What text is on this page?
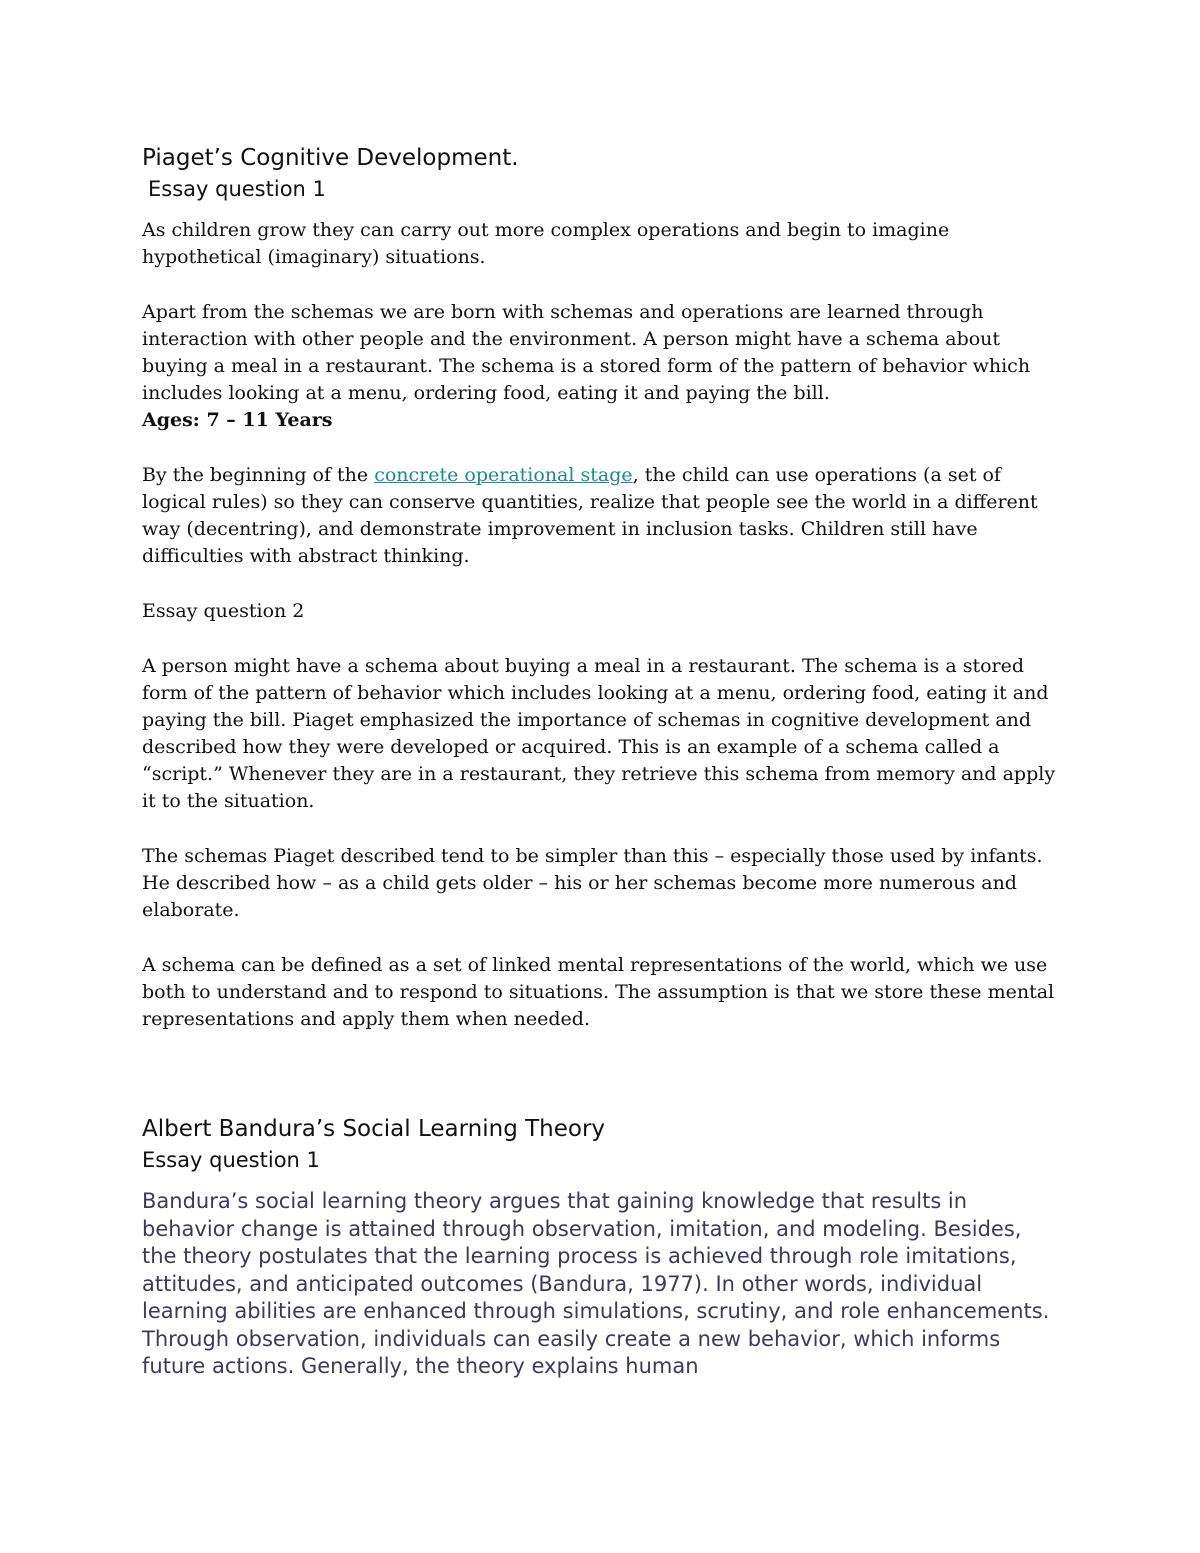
Piaget’s Cognitive Development.
Essay question 1

As children grow they can carry out more complex operations and begin to imagine hypothetical (imaginary) situations.

Apart from the schemas we are born with schemas and operations are learned through interaction with other people and the environment. A person might have a schema about buying a meal in a restaurant. The schema is a stored form of the pattern of behavior which includes looking at a menu, ordering food, eating it and paying the bill.

Ages: 7 – 11 Years

By the beginning of the concrete operational stage, the child can use operations (a set of logical rules) so they can conserve quantities, realize that people see the world in a different way (decentring), and demonstrate improvement in inclusion tasks. Children still have difficulties with abstract thinking.

Essay question 2

A person might have a schema about buying a meal in a restaurant. The schema is a stored form of the pattern of behavior which includes looking at a menu, ordering food, eating it and paying the bill. Piaget emphasized the importance of schemas in cognitive development and described how they were developed or acquired. This is an example of a schema called a “script.” Whenever they are in a restaurant, they retrieve this schema from memory and apply it to the situation.

The schemas Piaget described tend to be simpler than this – especially those used by infants. He described how – as a child gets older – his or her schemas become more numerous and elaborate.

A schema can be defined as a set of linked mental representations of the world, which we use both to understand and to respond to situations. The assumption is that we store these mental representations and apply them when needed.

Albert Bandura’s Social Learning Theory
Essay question 1

Bandura’s social learning theory argues that gaining knowledge that results in behavior change is attained through observation, imitation, and modeling. Besides, the theory postulates that the learning process is achieved through role imitations, attitudes, and anticipated outcomes (Bandura, 1977). In other words, individual learning abilities are enhanced through simulations, scrutiny, and role enhancements. Through observation, individuals can easily create a new behavior, which informs future actions. Generally, the theory explains human
